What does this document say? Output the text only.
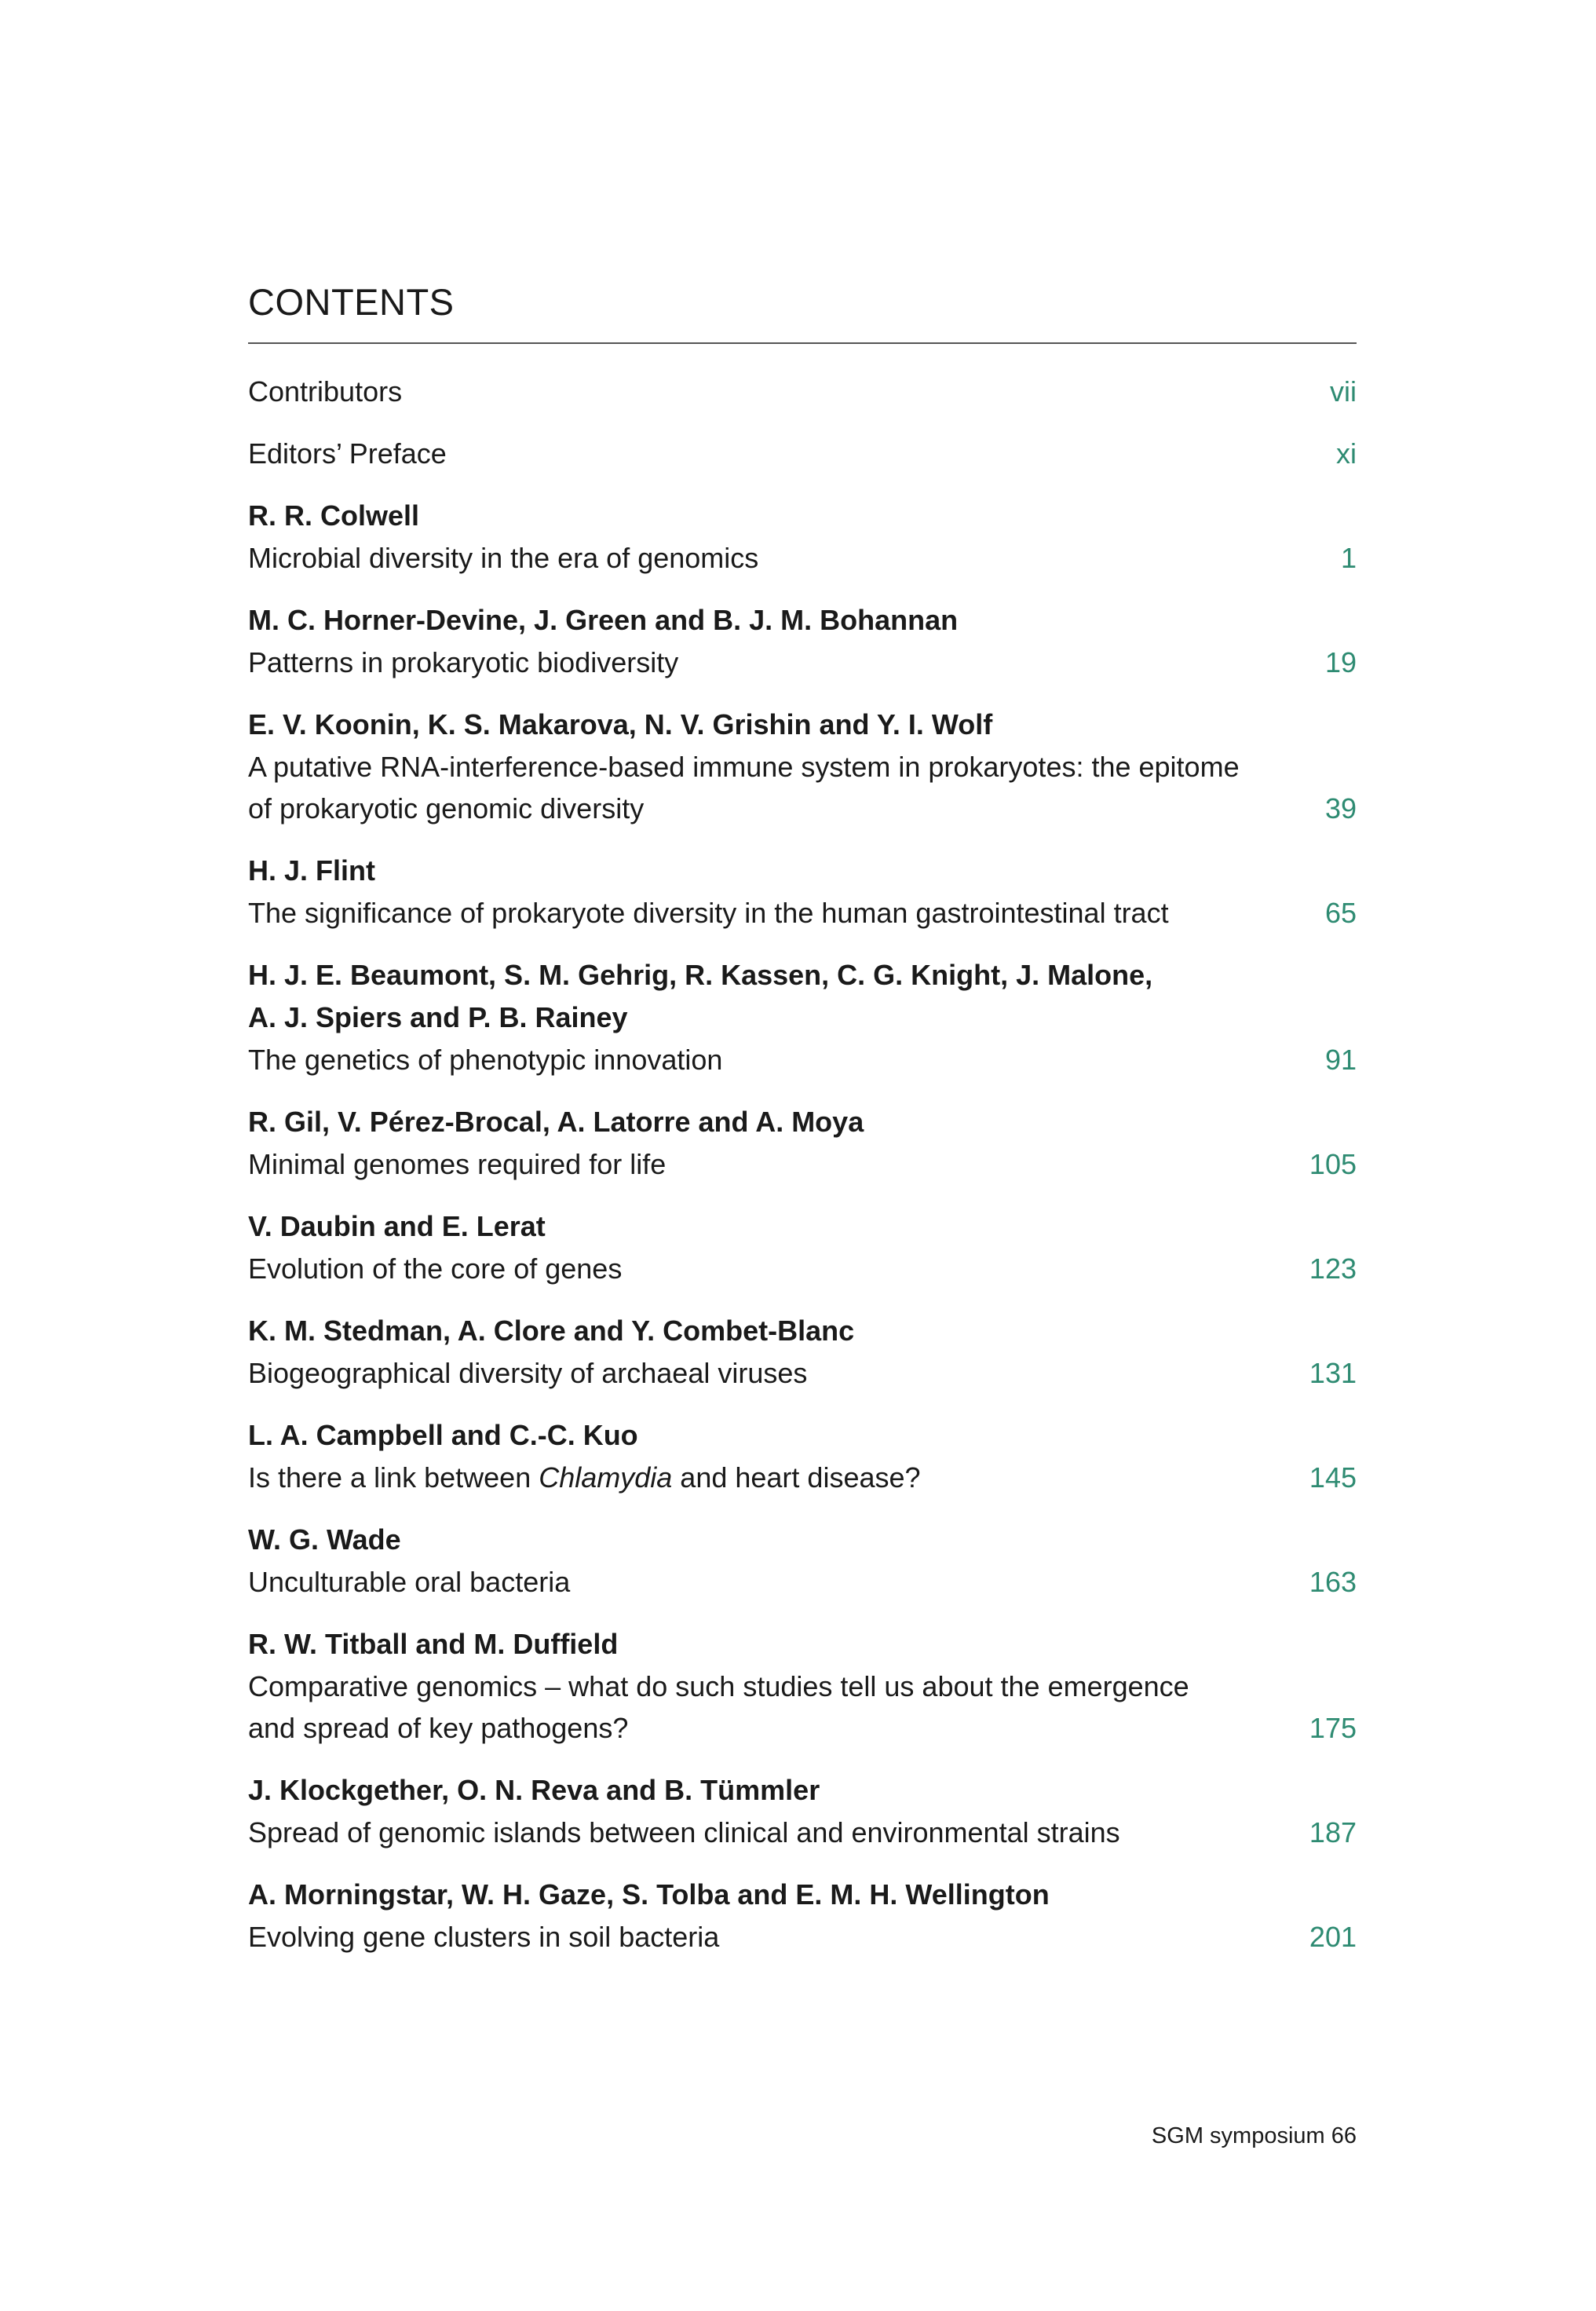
CONTENTS
Contributors	vii
Editors’ Preface	xi
R. R. Colwell
Microbial diversity in the era of genomics	1
M. C. Horner-Devine, J. Green and B. J. M. Bohannan
Patterns in prokaryotic biodiversity	19
E. V. Koonin, K. S. Makarova, N. V. Grishin and Y. I. Wolf
A putative RNA-interference-based immune system in prokaryotes: the epitome
of prokaryotic genomic diversity	39
H. J. Flint
The significance of prokaryote diversity in the human gastrointestinal tract	65
H. J. E. Beaumont, S. M. Gehrig, R. Kassen, C. G. Knight, J. Malone,
A. J. Spiers and P. B. Rainey
The genetics of phenotypic innovation	91
R. Gil, V. Pérez-Brocal, A. Latorre and A. Moya
Minimal genomes required for life	105
V. Daubin and E. Lerat
Evolution of the core of genes	123
K. M. Stedman, A. Clore and Y. Combet-Blanc
Biogeographical diversity of archaeal viruses	131
L. A. Campbell and C.-C. Kuo
Is there a link between Chlamydia and heart disease?	145
W. G. Wade
Unculturable oral bacteria	163
R. W. Titball and M. Duffield
Comparative genomics – what do such studies tell us about the emergence
and spread of key pathogens?	175
J. Klockgether, O. N. Reva and B. Tümmler
Spread of genomic islands between clinical and environmental strains	187
A. Morningstar, W. H. Gaze, S. Tolba and E. M. H. Wellington
Evolving gene clusters in soil bacteria	201
SGM symposium 66
